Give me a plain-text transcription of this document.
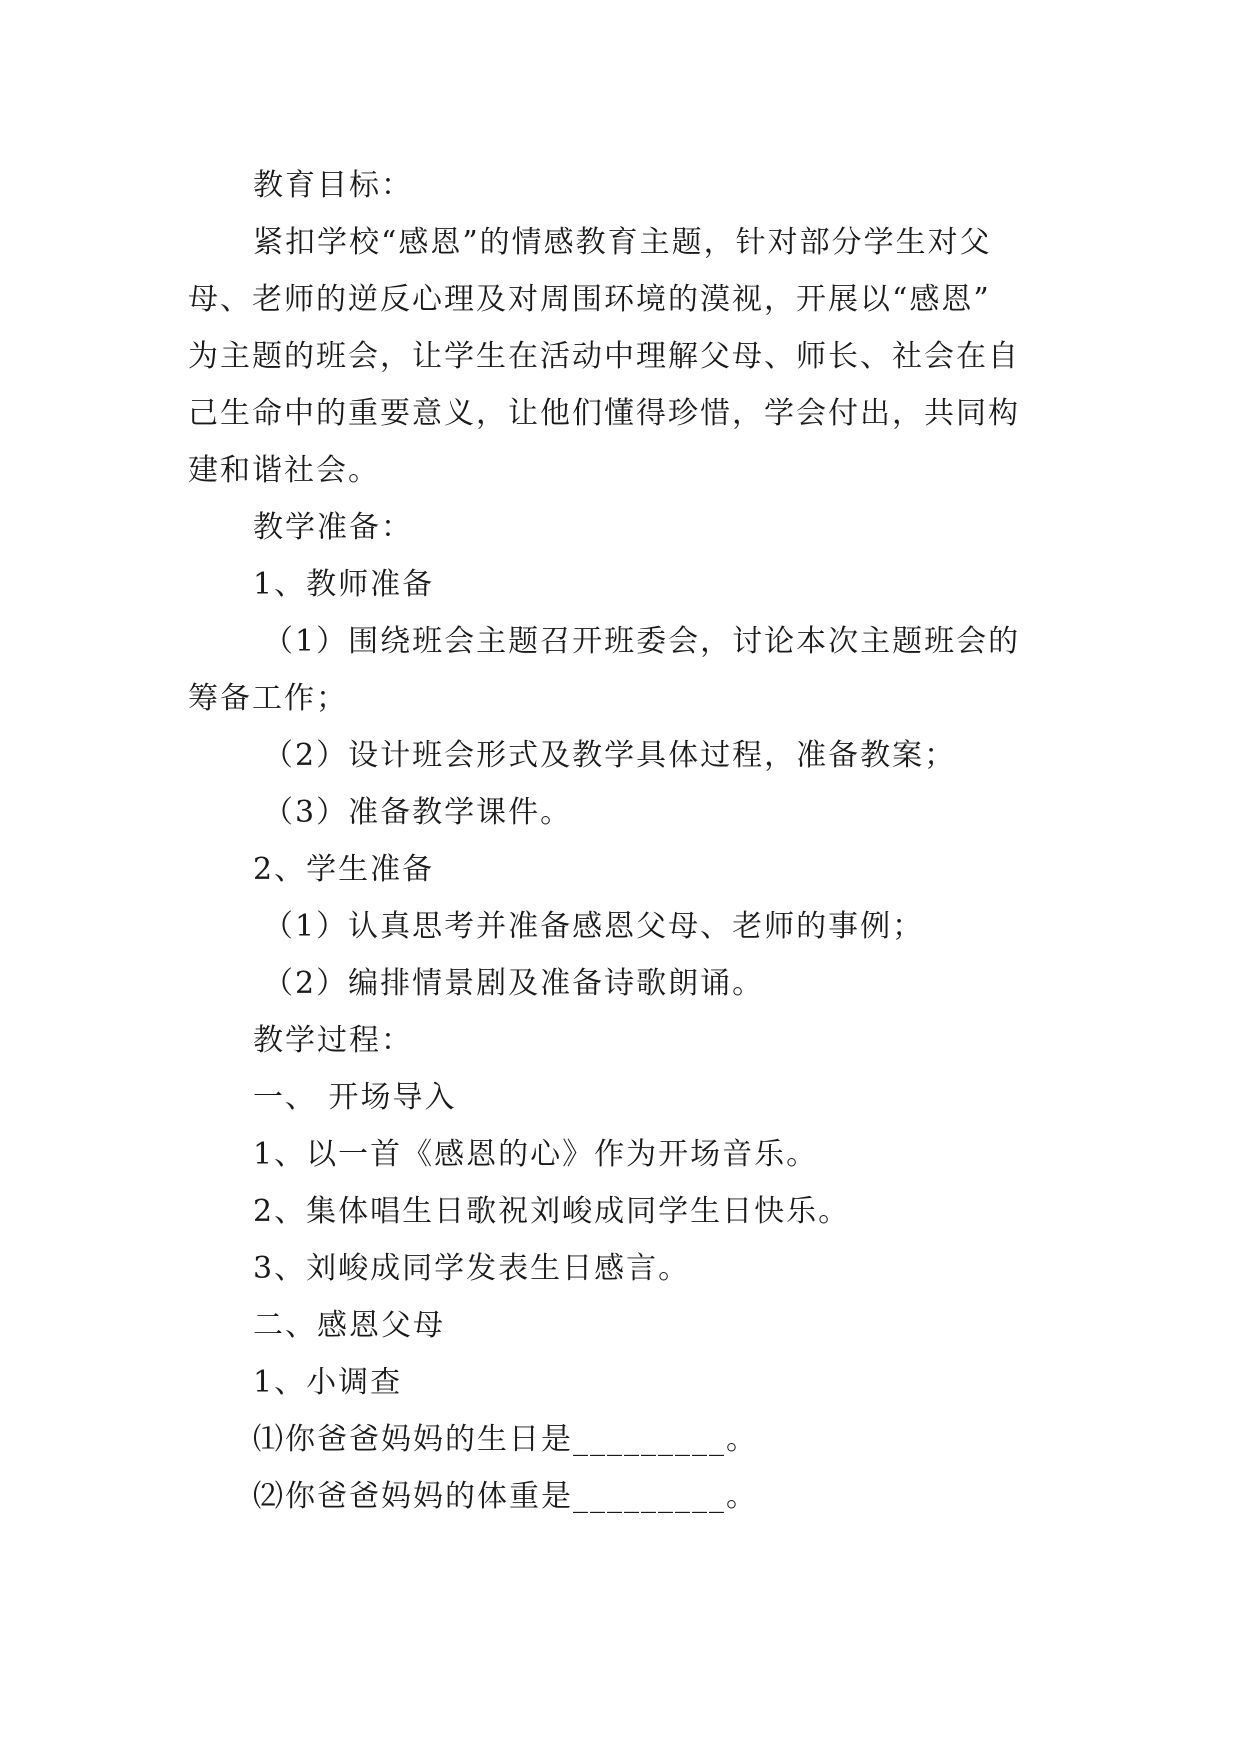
教育目标：
紧扣学校“感恩”的情感教育主题，针对部分学生对父
母、老师的逆反心理及对周围环境的漠视，开展以“感恩”
为主题的班会，让学生在活动中理解父母、师长、社会在自
己生命中的重要意义，让他们懂得珍惜，学会付出，共同构
建和谐社会。
教学准备：
1、教师准备
（1）围绕班会主题召开班委会，讨论本次主题班会的
筹备工作；
（2）设计班会形式及教学具体过程，准备教案；
（3）准备教学课件。
2、学生准备
（1）认真思考并准备感恩父母、老师的事例；
（2）编排情景剧及准备诗歌朗诵。
教学过程：
一、 开场导入
1、以一首《感恩的心》作为开场音乐。
2、集体唱生日歌祝刘峻成同学生日快乐。
3、刘峻成同学发表生日感言。
二、感恩父母
1、小调查
⑴你爸爸妈妈的生日是_________。
⑵你爸爸妈妈的体重是_________。
